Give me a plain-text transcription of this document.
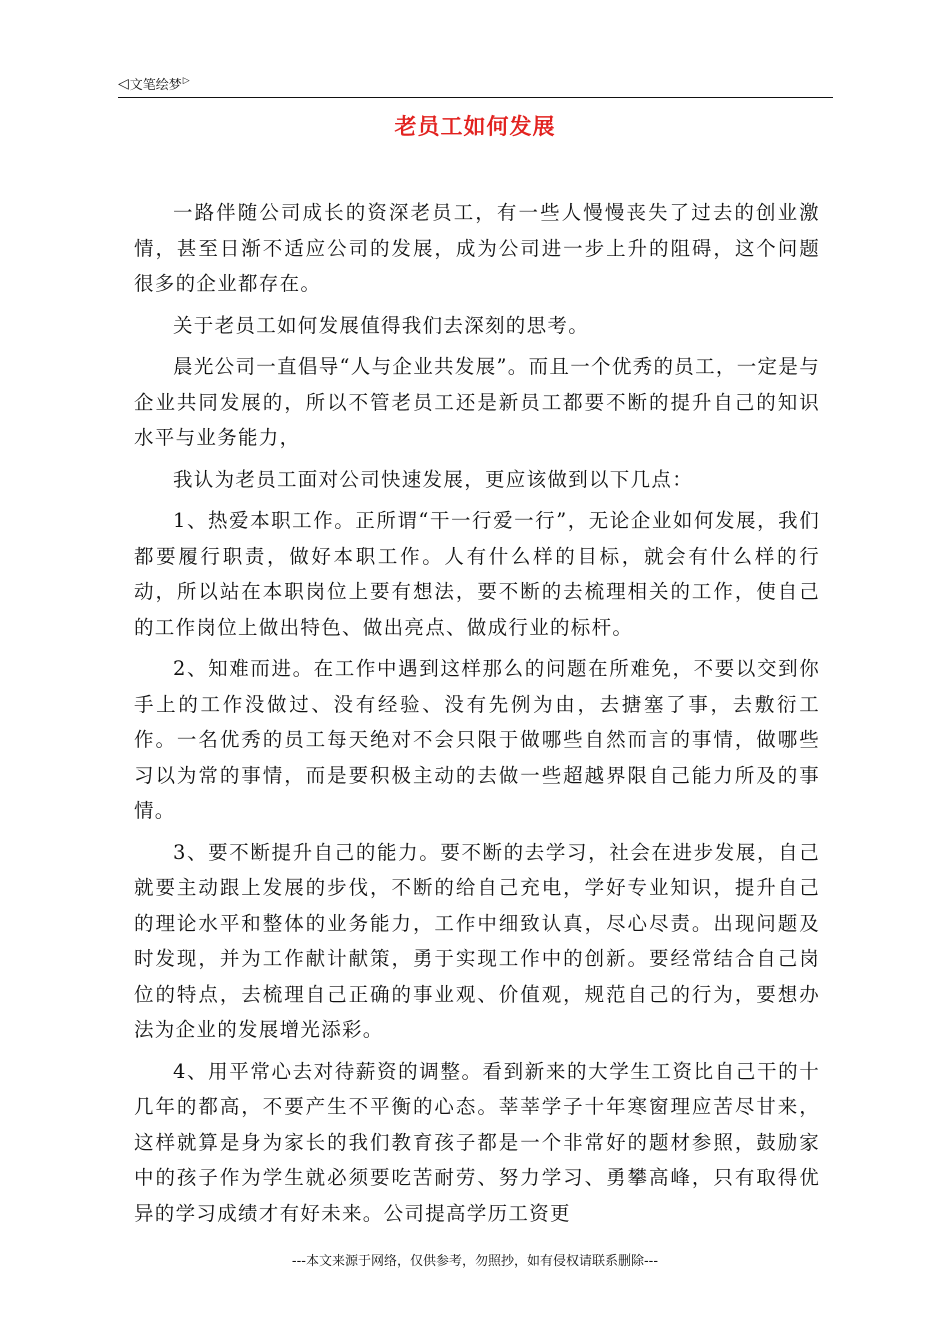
◁ 文笔绘梦 ▷
老员工如何发展

一路伴随公司成长的资深老员工，有一些人慢慢丧失了过去的创业激情，甚至日渐不适应公司的发展，成为公司进一步上升的阻碍，这个问题很多的企业都存在。

关于老员工如何发展值得我们去深刻的思考。

晨光公司一直倡导“人与企业共发展”。而且一个优秀的员工，一定是与企业共同发展的，所以不管老员工还是新员工都要不断的提升自己的知识水平与业务能力，

我认为老员工面对公司快速发展，更应该做到以下几点：

1、热爱本职工作。正所谓“干一行爱一行”，无论企业如何发展，我们都要履行职责，做好本职工作。人有什么样的目标，就会有什么样的行动，所以站在本职岗位上要有想法，要不断的去梳理相关的工作，使自己的工作岗位上做出特色、做出亮点、做成行业的标杆。

2、知难而进。在工作中遇到这样那么的问题在所难免，不要以交到你手上的工作没做过、没有经验、没有先例为由，去搪塞了事，去敷衍工作。一名优秀的员工每天绝对不会只限于做哪些自然而言的事情，做哪些习以为常的事情，而是要积极主动的去做一些超越界限自己能力所及的事情。

3、要不断提升自己的能力。要不断的去学习，社会在进步发展，自己就要主动跟上发展的步伐，不断的给自己充电，学好专业知识，提升自己的理论水平和整体的业务能力，工作中细致认真，尽心尽责。出现问题及时发现，并为工作献计献策，勇于实现工作中的创新。要经常结合自己岗位的特点，去梳理自己正确的事业观、价值观，规范自己的行为，要想办法为企业的发展增光添彩。

4、用平常心去对待薪资的调整。看到新来的大学生工资比自己干的十几年的都高，不要产生不平衡的心态。莘莘学子十年寒窗理应苦尽甘来，这样就算是身为家长的我们教育孩子都是一个非常好的题材参照，鼓励家中的孩子作为学生就必须要吃苦耐劳、努力学习、勇攀高峰，只有取得优异的学习成绩才有好未来。公司提高学历工资更

---本文来源于网络，仅供参考，勿照抄，如有侵权请联系删除---
